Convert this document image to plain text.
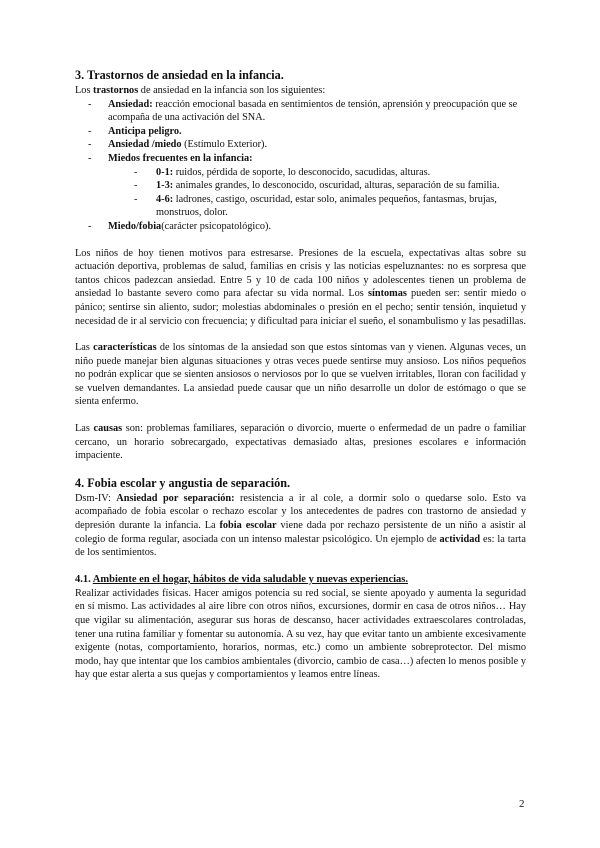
3. Trastornos de ansiedad en la infancia.

Los trastornos de ansiedad en la infancia son los siguientes:

- Ansiedad: reacción emocional basada en sentimientos de tensión, aprensión y preocupación que se acompaña de una activación del SNA.
- Anticipa peligro.
- Ansiedad /miedo (Estímulo Exterior).
- Miedos frecuentes en la infancia:
- 0-1: ruidos, pérdida de soporte, lo desconocido, sacudidas, alturas.
- 1-3: animales grandes, lo desconocido, oscuridad, alturas, separación de su familia.
- 4-6: ladrones, castigo, oscuridad, estar solo, animales pequeños, fantasmas, brujas, monstruos, dolor.
- Miedo/fobia(carácter psicopatológico).

Los niños de hoy tienen motivos para estresarse. Presiones de la escuela, expectativas altas sobre su actuación deportiva, problemas de salud, familias en crisis y las noticias espeluznantes: no es sorpresa que tantos chicos padezcan ansiedad. Entre 5 y 10 de cada 100 niños y adolescentes tienen un problema de ansiedad lo bastante severo como para afectar su vida normal. Los síntomas pueden ser: sentir miedo o pánico; sentirse sin aliento, sudor; molestias abdominales o presión en el pecho; sentir tensión, inquietud y necesidad de ir al servicio con frecuencia; y dificultad para iniciar el sueño, el sonambulismo y las pesadillas.

Las características de los síntomas de la ansiedad son que estos síntomas van y vienen. Algunas veces, un niño puede manejar bien algunas situaciones y otras veces puede sentirse muy ansioso. Los niños pequeños no podrán explicar que se sienten ansiosos o nerviosos por lo que se vuelven irritables, lloran con facilidad y se vuelven demandantes. La ansiedad puede causar que un niño desarrolle un dolor de estómago o que se sienta enfermo.

Las causas son: problemas familiares, separación o divorcio, muerte o enfermedad de un padre o familiar cercano, un horario sobrecargado, expectativas demasiado altas, presiones escolares e información impaciente.

4. Fobia escolar y angustia de separación.

Dsm-IV: Ansiedad por separación: resistencia a ir al cole, a dormir solo o quedarse solo. Esto va acompañado de fobia escolar o rechazo escolar y los antecedentes de padres con trastorno de ansiedad y depresión durante la infancia. La fobia escolar viene dada por rechazo persistente de un niño a asistir al colegio de forma regular, asociada con un intenso malestar psicológico. Un ejemplo de actividad es: la tarta de los sentimientos.

4.1. Ambiente en el hogar, hábitos de vida saludable y nuevas experiencias.

Realizar actividades físicas. Hacer amigos potencia su red social, se siente apoyado y aumenta la seguridad en sí mismo. Las actividades al aire libre con otros niños, excursiones, dormir en casa de otros niños… Hay que vigilar su alimentación, asegurar sus horas de descanso, hacer actividades extraescolares controladas, tener una rutina familiar y fomentar su autonomía. A su vez, hay que evitar tanto un ambiente excesivamente exigente (notas, comportamiento, horarios, normas, etc.) como un ambiente sobreprotector. Del mismo modo, hay que intentar que los cambios ambientales (divorcio, cambio de casa…) afecten lo menos posible y hay que estar alerta a sus quejas y comportamientos y leamos entre líneas.

2
